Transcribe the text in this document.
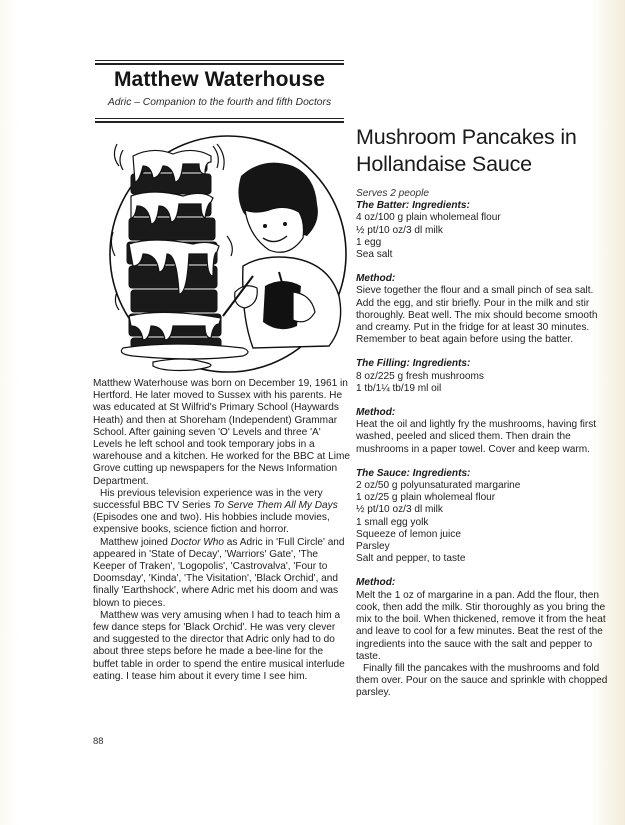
Matthew Waterhouse
Adric – Companion to the fourth and fifth Doctors

Matthew Waterhouse was born on December 19, 1961 in Hertford. He later moved to Sussex with his parents. He was educated at St Wilfrid's Primary School (Haywards Heath) and then at Shoreham (Independent) Grammar School. After gaining seven 'O' Levels and three 'A' Levels he left school and took temporary jobs in a warehouse and a kitchen. He worked for the BBC at Lime Grove cutting up newspapers for the News Information Department.

His previous television experience was in the very successful BBC TV Series To Serve Them All My Days (Episodes one and two). His hobbies include movies, expensive books, science fiction and horror.

Matthew joined Doctor Who as Adric in 'Full Circle' and appeared in 'State of Decay', 'Warriors' Gate', 'The Keeper of Traken', 'Logopolis', 'Castrovalva', 'Four to Doomsday', 'Kinda', 'The Visitation', 'Black Orchid', and finally 'Earthshock', where Adric met his doom and was blown to pieces.

Matthew was very amusing when I had to teach him a few dance steps for 'Black Orchid'. He was very clever and suggested to the director that Adric only had to do about three steps before he made a bee-line for the buffet table in order to spend the entire musical interlude eating. I tease him about it every time I see him.

88
Mushroom Pancakes in
Hollandaise Sauce

Serves 2 people

The Batter: Ingredients:

4 oz/100 g plain wholemeal flour
½ pt/10 oz/3 dl milk
1 egg
Sea salt

Method:

Sieve together the flour and a small pinch of sea salt. Add the egg, and stir briefly. Pour in the milk and stir thoroughly. Beat well. The mix should become smooth and creamy. Put in the fridge for at least 30 minutes. Remember to beat again before using the batter.

The Filling: Ingredients:

8 oz/225 g fresh mushrooms
1 tb/1¼ tb/19 ml oil

Method:

Heat the oil and lightly fry the mushrooms, having first washed, peeled and sliced them. Then drain the mushrooms in a paper towel. Cover and keep warm.

The Sauce: Ingredients:

2 oz/50 g polyunsaturated margarine
1 oz/25 g plain wholemeal flour
½ pt/10 oz/3 dl milk
1 small egg yolk
Squeeze of lemon juice
Parsley
Salt and pepper, to taste

Method:

Melt the 1 oz of margarine in a pan. Add the flour, then cook, then add the milk. Stir thoroughly as you bring the mix to the boil. When thickened, remove it from the heat and leave to cool for a few minutes. Beat the rest of the ingredients into the sauce with the salt and pepper to taste.

Finally fill the pancakes with the mushrooms and fold them over. Pour on the sauce and sprinkle with chopped parsley.
